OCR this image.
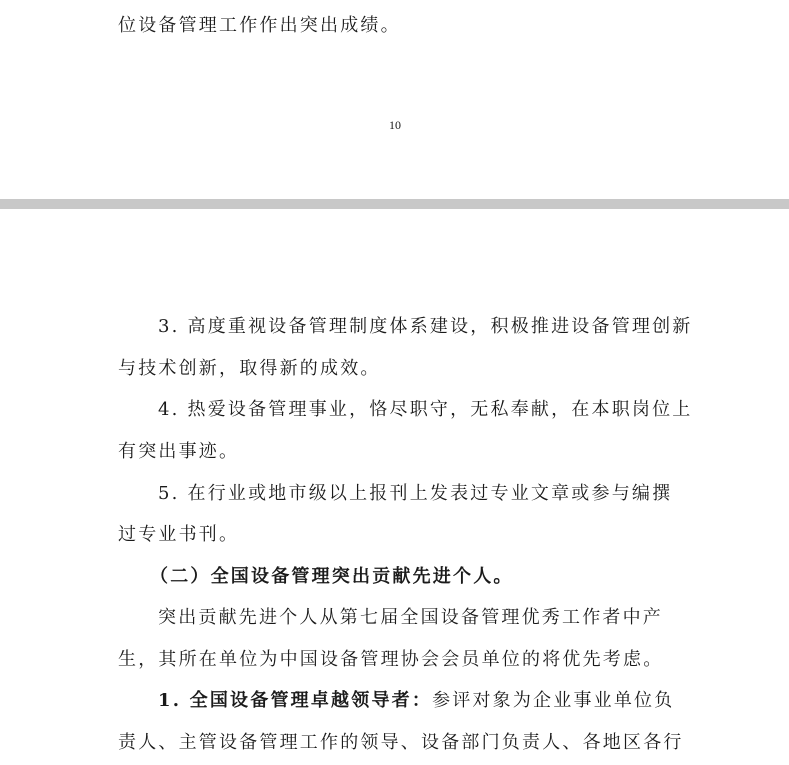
位设备管理工作作出突出成绩。
10
3. 高度重视设备管理制度体系建设，积极推进设备管理创新
与技术创新，取得新的成效。
4. 热爱设备管理事业，恪尽职守，无私奉献，在本职岗位上
有突出事迹。
5. 在行业或地市级以上报刊上发表过专业文章或参与编撰
过专业书刊。
（二）全国设备管理突出贡献先进个人。
突出贡献先进个人从第七届全国设备管理优秀工作者中产
生，其所在单位为中国设备管理协会会员单位的将优先考虑。
1. 全国设备管理卓越领导者：参评对象为企业事业单位负
责人、主管设备管理工作的领导、设备部门负责人、各地区各行
